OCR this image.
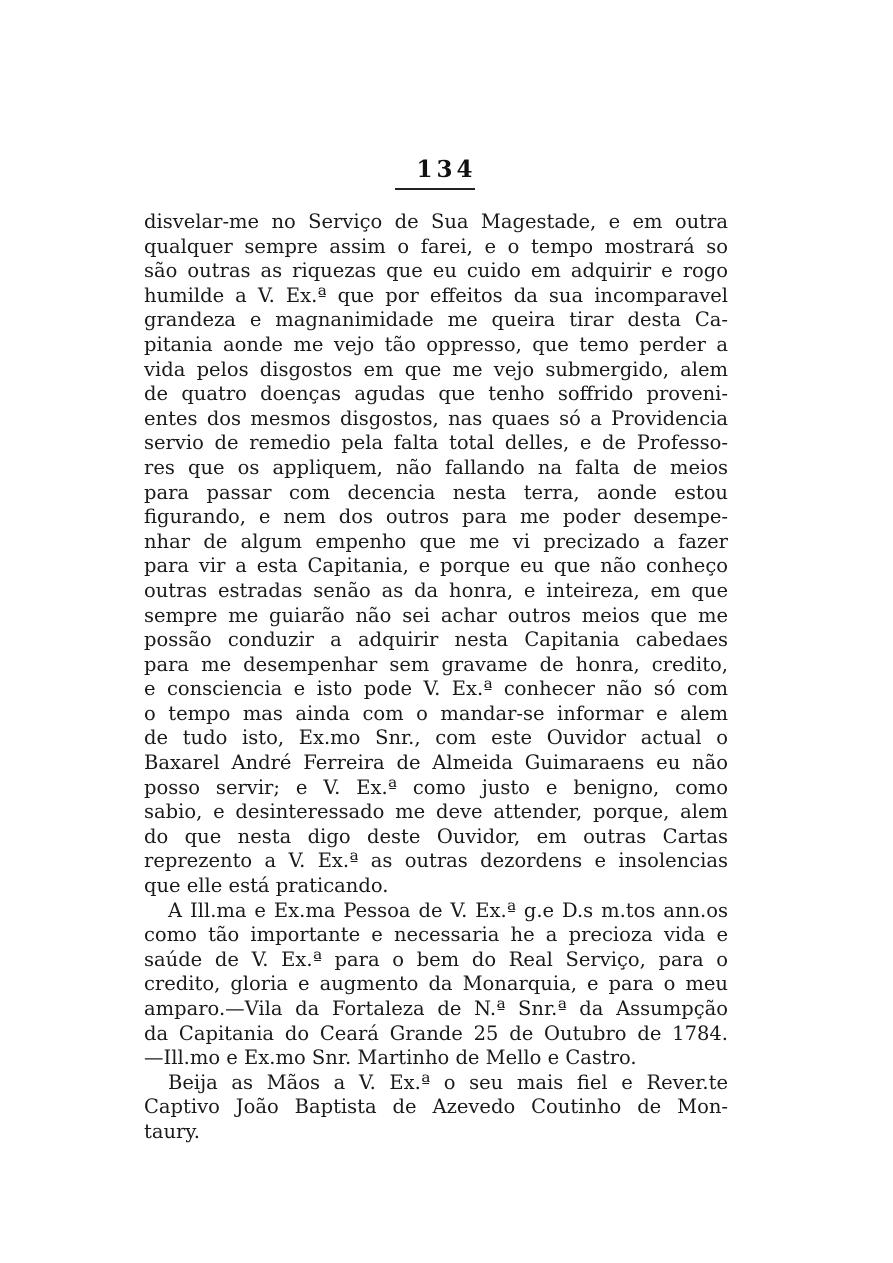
134
disvelar-me no Serviço de Sua Magestade, e em outra
qualquer sempre assim o farei, e o tempo mostrará so
são outras as riquezas que eu cuido em adquirir e rogo
humilde a V. Ex.ª que por effeitos da sua incomparavel
grandeza e magnanimidade me queira tirar desta Ca-
pitania aonde me vejo tão oppresso, que temo perder a
vida pelos disgostos em que me vejo submergido, alem
de quatro doenças agudas que tenho soffrido proveni-
entes dos mesmos disgostos, nas quaes só a Providencia
servio de remedio pela falta total delles, e de Professo-
res que os appliquem, não fallando na falta de meios
para passar com decencia nesta terra, aonde estou
figurando, e nem dos outros para me poder desempe-
nhar de algum empenho que me vi precizado a fazer
para vir a esta Capitania, e porque eu que não conheço
outras estradas senão as da honra, e inteireza, em que
sempre me guiarão não sei achar outros meios que me
possão conduzir a adquirir nesta Capitania cabedaes
para me desempenhar sem gravame de honra, credito,
e consciencia e isto pode V. Ex.ª conhecer não só com
o tempo mas ainda com o mandar-se informar e alem
de tudo isto, Ex.mo Snr., com este Ouvidor actual o
Baxarel André Ferreira de Almeida Guimaraens eu não
posso servir; e V. Ex.ª como justo e benigno, como
sabio, e desinteressado me deve attender, porque, alem
do que nesta digo deste Ouvidor, em outras Cartas
reprezento a V. Ex.ª as outras dezordens e insolencias
que elle está praticando.
A Ill.ma e Ex.ma Pessoa de V. Ex.ª g.e D.s m.tos ann.os
como tão importante e necessaria he a precioza vida e
saúde de V. Ex.ª para o bem do Real Serviço, para o
credito, gloria e augmento da Monarquia, e para o meu
amparo.—Vila da Fortaleza de N.ª Snr.ª da Assumpção
da Capitania do Ceará Grande 25 de Outubro de 1784.
—Ill.mo e Ex.mo Snr. Martinho de Mello e Castro.
Beija as Mãos a V. Ex.ª o seu mais fiel e Rever.te
Captivo João Baptista de Azevedo Coutinho de Mon-
taury.
